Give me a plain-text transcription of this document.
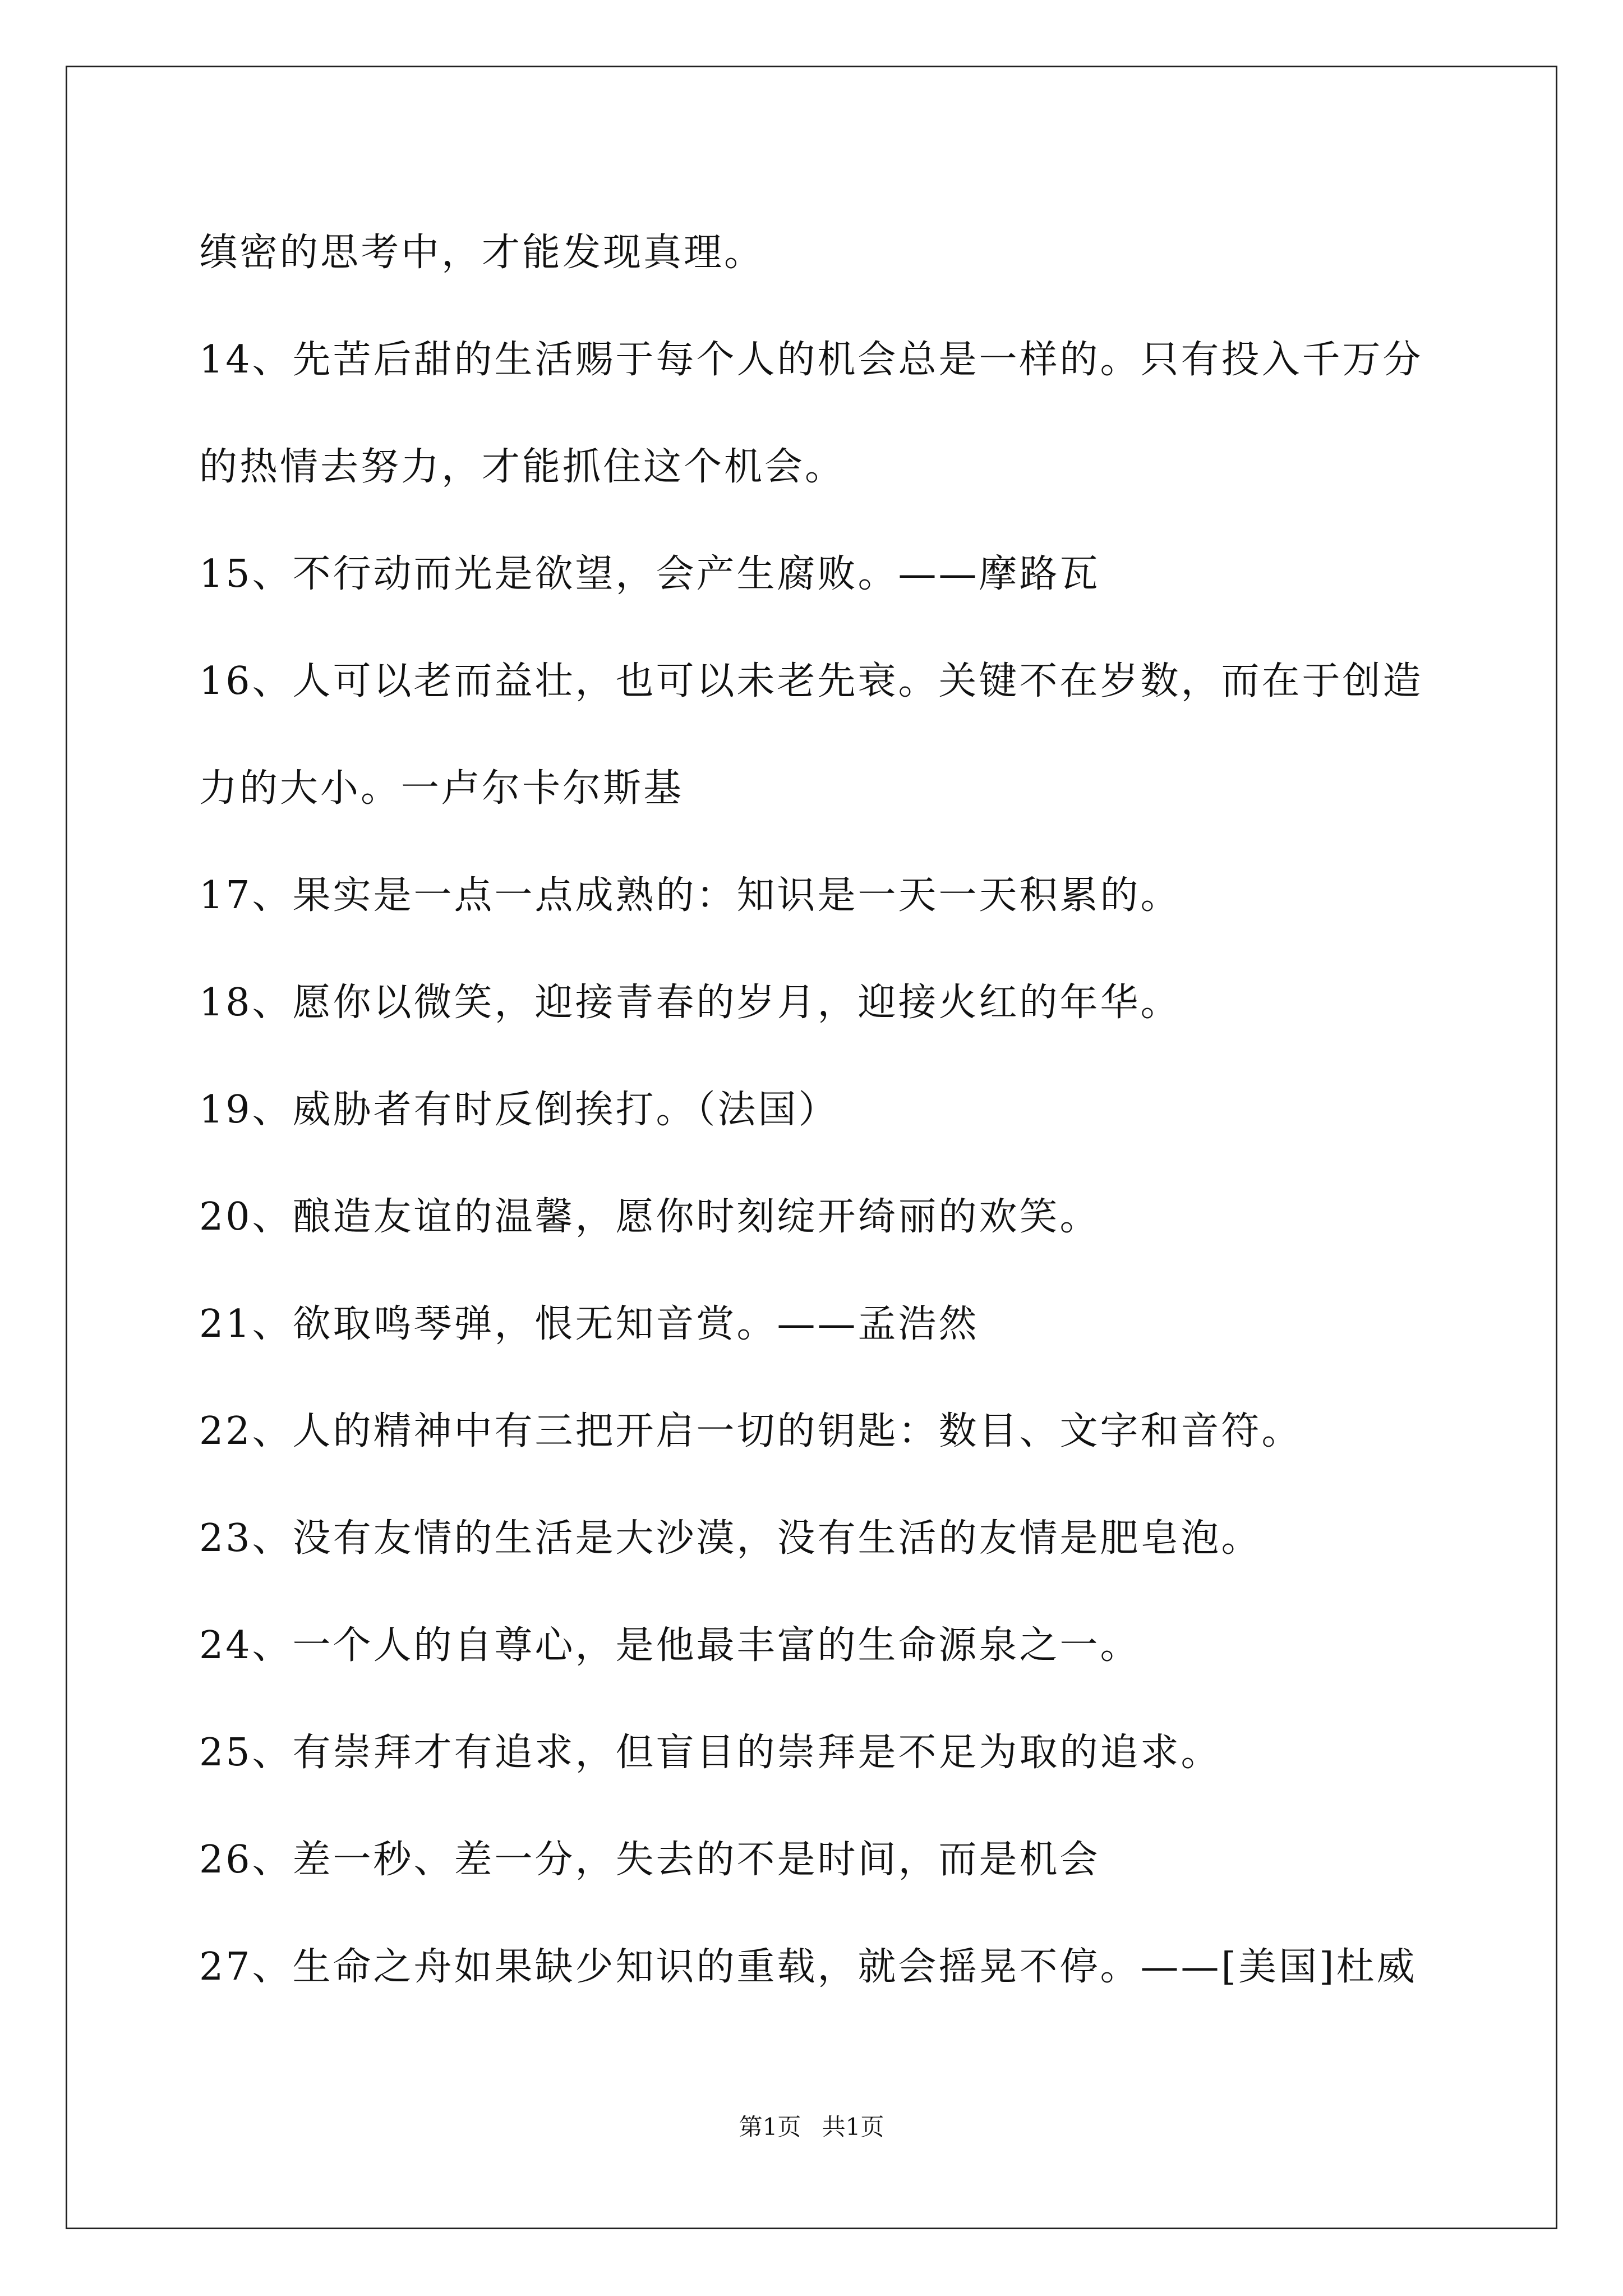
缜密的思考中，才能发现真理。
14、先苦后甜的生活赐于每个人的机会总是一样的。只有投入千万分
的热情去努力，才能抓住这个机会。
15、不行动而光是欲望，会产生腐败。——摩路瓦
16、人可以老而益壮，也可以未老先衰。关键不在岁数，而在于创造
力的大小。一卢尔卡尔斯基
17、果实是一点一点成熟的：知识是一天一天积累的。
18、愿你以微笑，迎接青春的岁月，迎接火红的年华。
19、威胁者有时反倒挨打。（法国）
20、酿造友谊的温馨，愿你时刻绽开绮丽的欢笑。
21、欲取鸣琴弹，恨无知音赏。——孟浩然
22、人的精神中有三把开启一切的钥匙：数目、文字和音符。
23、没有友情的生活是大沙漠，没有生活的友情是肥皂泡。
24、一个人的自尊心，是他最丰富的生命源泉之一。
25、有崇拜才有追求，但盲目的崇拜是不足为取的追求。
26、差一秒、差一分，失去的不是时间，而是机会
27、生命之舟如果缺少知识的重载，就会摇晃不停。——[美国]杜威
第1页 共1页
